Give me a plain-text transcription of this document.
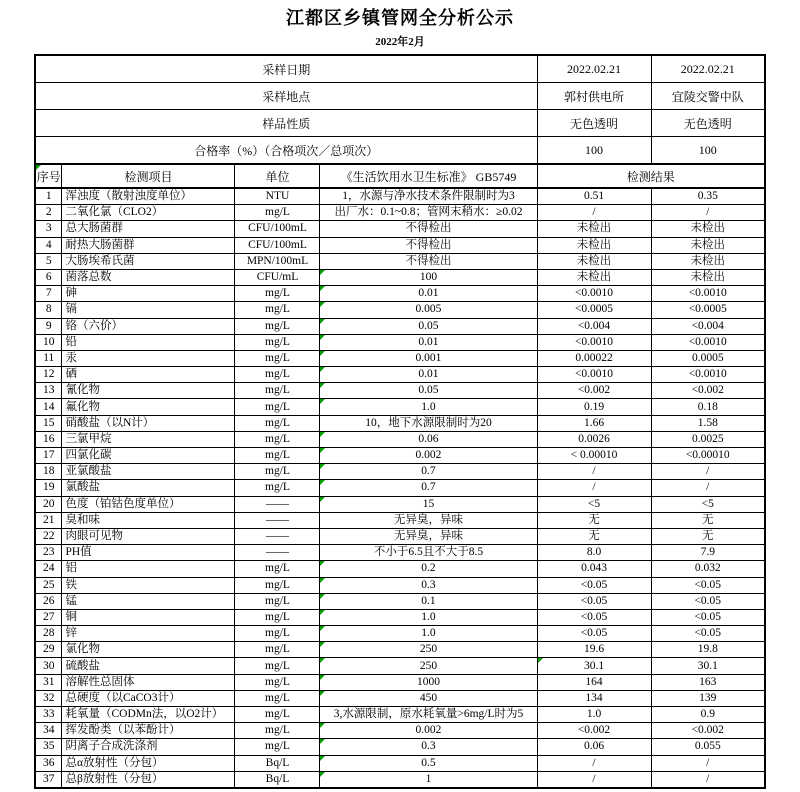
江都区乡镇管网全分析公示
2022年2月
采样日期				2022.02.21	2022.02.21
采样地点				郭村供电所	宜陵交警中队
样品性质				无色透明	无色透明
合格率（%）（合格项次／总项次）				100	100

序号	检测项目	单位	《生活饮用水卫生标准》 GB5749	检测结果	
1	浑浊度（散射浊度单位）	NTU	1，水源与净水技术条件限制时为3	0.51	0.35
2	二氧化氯（CLO2）	mg/L	出厂水：0.1~0.8；管网末稍水：≥0.02	/	/
3	总大肠菌群	CFU/100mL	不得检出	未检出	未检出
4	耐热大肠菌群	CFU/100mL	不得检出	未检出	未检出
5	大肠埃希氏菌	MPN/100mL	不得检出	未检出	未检出
6	菌落总数	CFU/mL	100	未检出	未检出
7	砷	mg/L	0.01	<0.0010	<0.0010
8	镉	mg/L	0.005	<0.0005	<0.0005
9	铬（六价）	mg/L	0.05	<0.004	<0.004
10	铅	mg/L	0.01	<0.0010	<0.0010
11	汞	mg/L	0.001	0.00022	0.0005
12	硒	mg/L	0.01	<0.0010	<0.0010
13	氰化物	mg/L	0.05	<0.002	<0.002
14	氟化物	mg/L	1.0	0.19	0.18
15	硝酸盐（以N计）	mg/L	10，地下水源限制时为20	1.66	1.58
16	三氯甲烷	mg/L	0.06	0.0026	0.0025
17	四氯化碳	mg/L	0.002	< 0.00010	<0.00010
18	亚氯酸盐	mg/L	0.7	/	/
19	氯酸盐	mg/L	0.7	/	/
20	色度（铂钴色度单位）	——	15	<5	<5
21	臭和味	——	无异臭，异味	无	无
22	肉眼可见物	——	无异臭，异味	无	无
23	PH值	——	不小于6.5且不大于8.5	8.0	7.9
24	铝	mg/L	0.2	0.043	0.032
25	铁	mg/L	0.3	<0.05	<0.05
26	锰	mg/L	0.1	<0.05	<0.05
27	铜	mg/L	1.0	<0.05	<0.05
28	锌	mg/L	1.0	<0.05	<0.05
29	氯化物	mg/L	250	19.6	19.8
30	硫酸盐	mg/L	250	30.1	30.1
31	溶解性总固体	mg/L	1000	164	163
32	总硬度（以CaCO3计）	mg/L	450	134	139
33	耗氧量（CODMn法，以O2计）	mg/L	3,水源限制，原水耗氧量>6mg/L时为5	1.0	0.9
34	挥发酚类（以苯酚计）	mg/L	0.002	<0.002	<0.002
35	阴离子合成洗涤剂	mg/L	0.3	0.06	0.055
36	总α放射性（分包）	Bq/L	0.5	/	/
37	总β放射性（分包）	Bq/L	1	/	/
